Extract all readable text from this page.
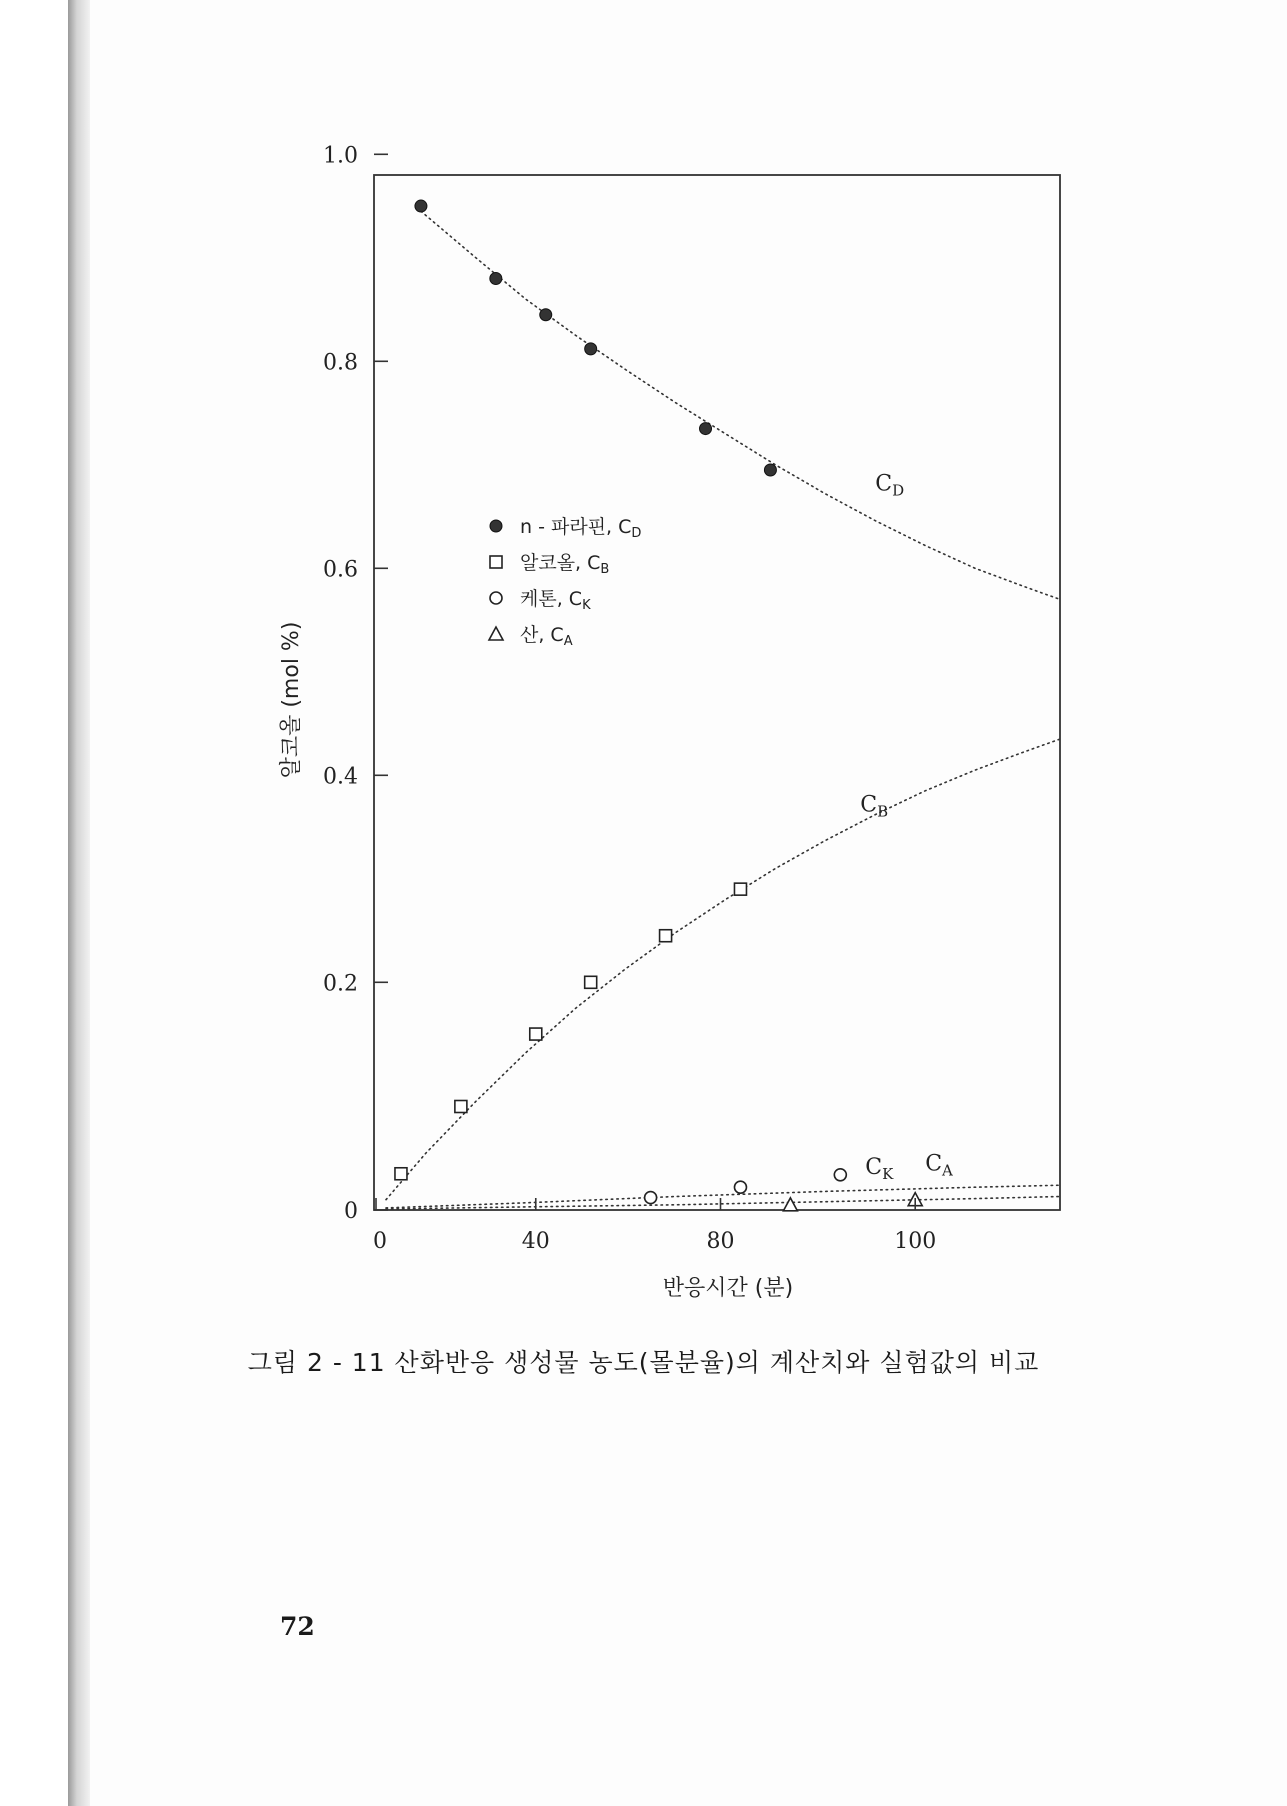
0	40	80	100
0
0.2
0.4
0.6
0.8
1.0
$C_D$
$C_B$
$C_K$ $C_A$
n - 파라핀, $C_D$
알코올, $C_B$
케톤, $C_K$
산, $C_A$
알코올 (mol %)
반응시간 (분)
그림 2 - 11 산화반응 생성물 농도(몰분율)의 계산치와 실험값의 비교
72
